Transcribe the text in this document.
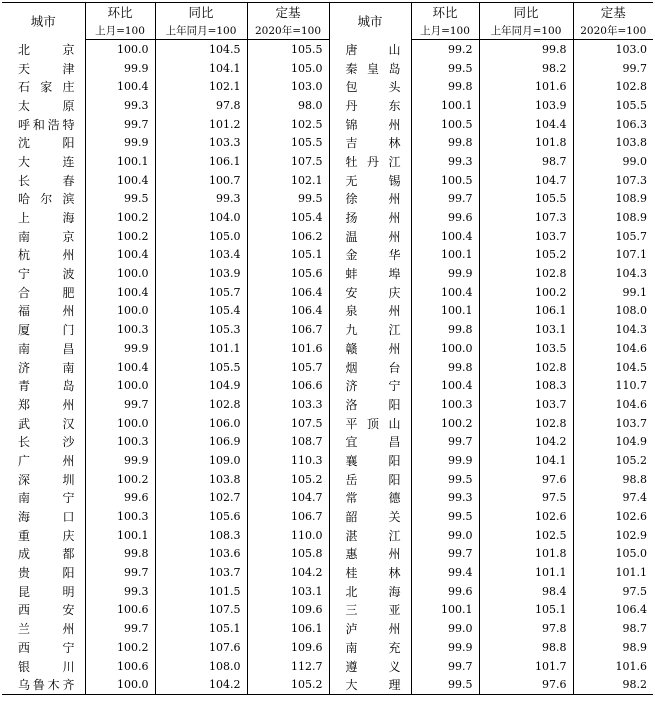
城市	环比	同比	定基	城市	环比	同比	定基
	上月=100	上年同月=100	2020年=100		上月=100	上年同月=100	2020年=100
北京	100.0	104.5	105.5	唐山	99.2	99.8	103.0
天津	99.9	104.1	105.0	秦皇岛	99.5	98.2	99.7
石家庄	100.4	102.1	103.0	包头	99.8	101.6	102.8
太原	99.3	97.8	98.0	丹东	100.1	103.9	105.5
呼和浩特	99.7	101.2	102.5	锦州	100.5	104.4	106.3
沈阳	99.9	103.3	105.5	吉林	99.8	101.8	103.8
大连	100.1	106.1	107.5	牡丹江	99.3	98.7	99.0
长春	100.4	100.7	102.1	无锡	100.5	104.7	107.3
哈尔滨	99.5	99.3	99.5	徐州	99.7	105.5	108.9
上海	100.2	104.0	105.4	扬州	99.6	107.3	108.9
南京	100.2	105.0	106.2	温州	100.4	103.7	105.7
杭州	100.4	103.4	105.1	金华	100.1	105.2	107.1
宁波	100.0	103.9	105.6	蚌埠	99.9	102.8	104.3
合肥	100.4	105.7	106.4	安庆	100.4	100.2	99.1
福州	100.0	105.4	106.4	泉州	100.1	106.1	108.0
厦门	100.3	105.3	106.7	九江	99.8	103.1	104.3
南昌	99.9	101.1	101.6	赣州	100.0	103.5	104.6
济南	100.4	105.5	105.7	烟台	99.8	102.8	104.5
青岛	100.0	104.9	106.6	济宁	100.4	108.3	110.7
郑州	99.7	102.8	103.3	洛阳	100.3	103.7	104.6
武汉	100.0	106.0	107.5	平顶山	100.2	102.8	103.7
长沙	100.3	106.9	108.7	宜昌	99.7	104.2	104.9
广州	99.9	109.0	110.3	襄阳	99.9	104.1	105.2
深圳	100.2	103.8	105.2	岳阳	99.5	97.6	98.8
南宁	99.6	102.7	104.7	常德	99.3	97.5	97.4
海口	100.3	105.6	106.7	韶关	99.5	102.6	102.6
重庆	100.1	108.3	110.0	湛江	99.0	102.5	102.9
成都	99.8	103.6	105.8	惠州	99.7	101.8	105.0
贵阳	99.7	103.7	104.2	桂林	99.4	101.1	101.1
昆明	99.3	101.5	103.1	北海	99.6	98.4	97.5
西安	100.6	107.5	109.6	三亚	100.1	105.1	106.4
兰州	99.7	105.1	106.1	泸州	99.0	97.8	98.7
西宁	100.2	107.6	109.6	南充	99.9	98.8	98.9
银川	100.6	108.0	112.7	遵义	99.7	101.7	101.6
乌鲁木齐	100.0	104.2	105.2	大理	99.5	97.6	98.2
